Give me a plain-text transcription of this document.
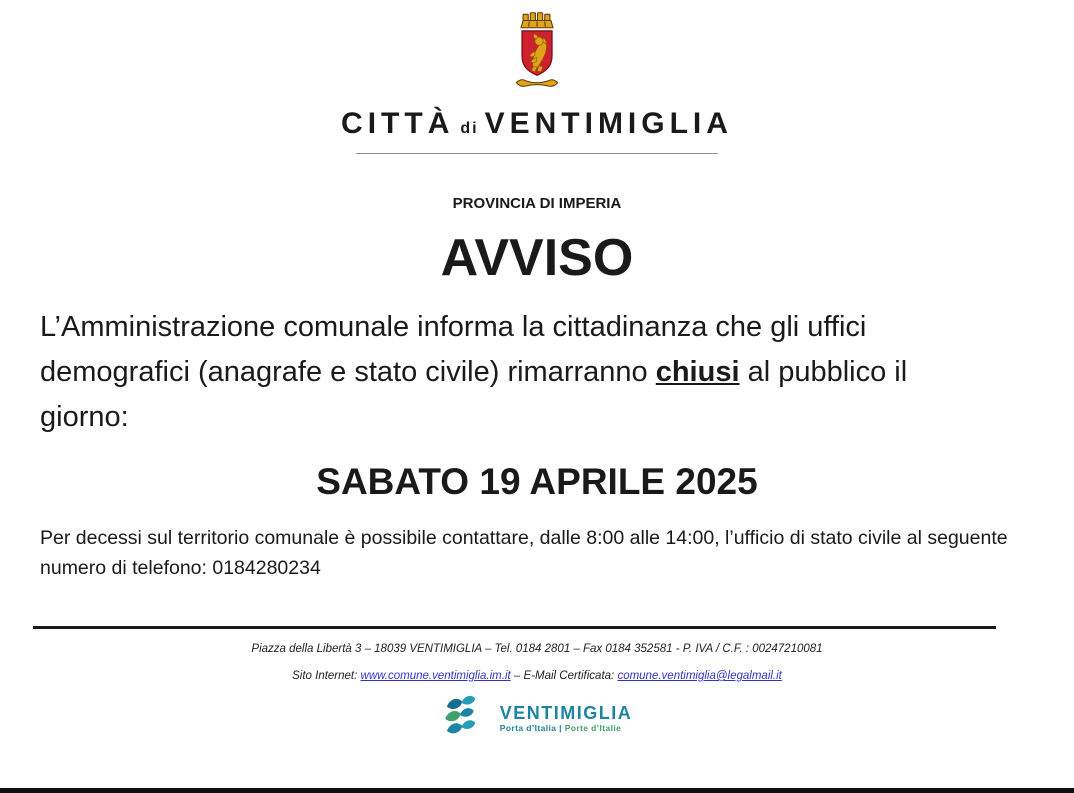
CITTÀ di VENTIMIGLIA
__________________________________________________
PROVINCIA DI IMPERIA
AVVISO

L’Amministrazione comunale informa la cittadinanza che gli uffici
demografici (anagrafe e stato civile) rimarranno chiusi al pubblico il
giorno:

SABATO 19 APRILE 2025

Per decessi sul territorio comunale è possibile contattare, dalle 8:00 alle 14:00, l’ufficio di stato civile al seguente
numero di telefono: 0184280234

Piazza della Libertà 3 – 18039 VENTIMIGLIA – Tel. 0184 2801 – Fax 0184 352581 - P. IVA / C.F. : 00247210081
Sito Internet: www.comune.ventimiglia.im.it – E-Mail Certificata: comune.ventimiglia@legalmail.it
VENTIMIGLIA
Porta d’Italia | Porte d’Italie
